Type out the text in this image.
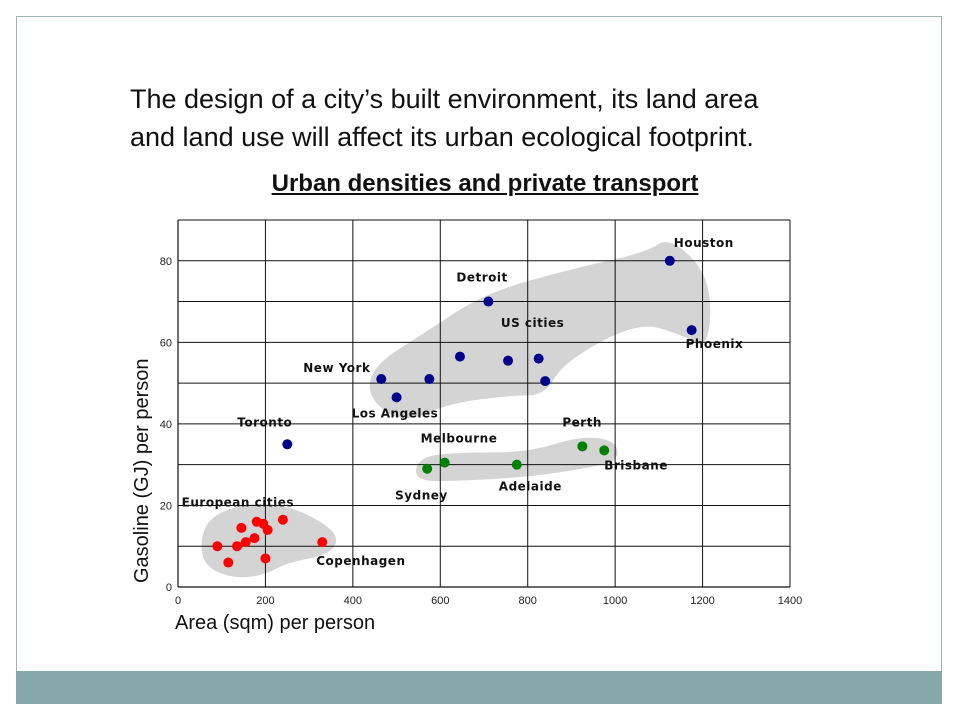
The design of a city’s built environment, its land area
and land use will affect its urban ecological footprint.
Urban densities and private transport
0	200	400	600	800	1000	1200	1400
0
20
40
60
80
Houston
Phoenix
Detroit
New York
Los Angeles
Toronto
Sydney
Melbourne
Adelaide
Perth
Brisbane
Copenhagen
US cities
European cities
Area (sqm) per person
Gasoline (GJ) per person
